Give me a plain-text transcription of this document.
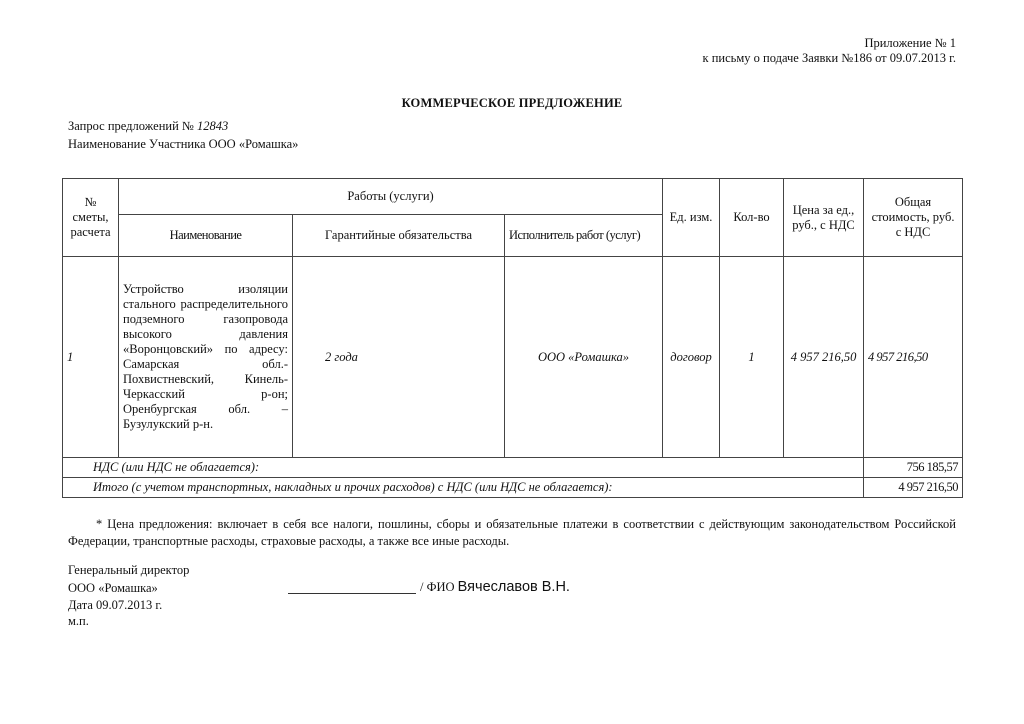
Приложение № 1
к письму о подаче Заявки №186 от 09.07.2013 г.
КОММЕРЧЕСКОЕ ПРЕДЛОЖЕНИЕ
Запрос предложений № 12843
Наименование Участника ООО «Ромашка»
№ сметы, расчета	Работы (услуги)			Ед. изм.	Кол-во	Цена за ед., руб., с НДС	Общая стоимость, руб. с НДС
	Наименование	Гарантийные обязательства	Исполнитель работ (услуг)				
1	Устройство изоляции стального распределительного подземного газопровода высокого давления «Воронцовский» по адресу: Самарская обл.- Похвистневский, Кинель-Черкасский р-он; Оренбургская обл. – Бузулукский р-н.	2 года	ООО «Ромашка»	договор	1	4 957 216,50	4 957 216,50
НДС (или НДС не облагается):							756 185,57
Итого (с учетом транспортных, накладных и прочих расходов) с НДС (или НДС не облагается):							4 957 216,50
* Цена предложения: включает в себя все налоги, пошлины, сборы и обязательные платежи в соответствии с действующим законодательством Российской Федерации, транспортные расходы, страховые расходы, а также все иные расходы.
Генеральный директор
ООО «Ромашка»
Дата 09.07.2013 г.
м.п.
/ ФИО Вячеславов В.Н.
